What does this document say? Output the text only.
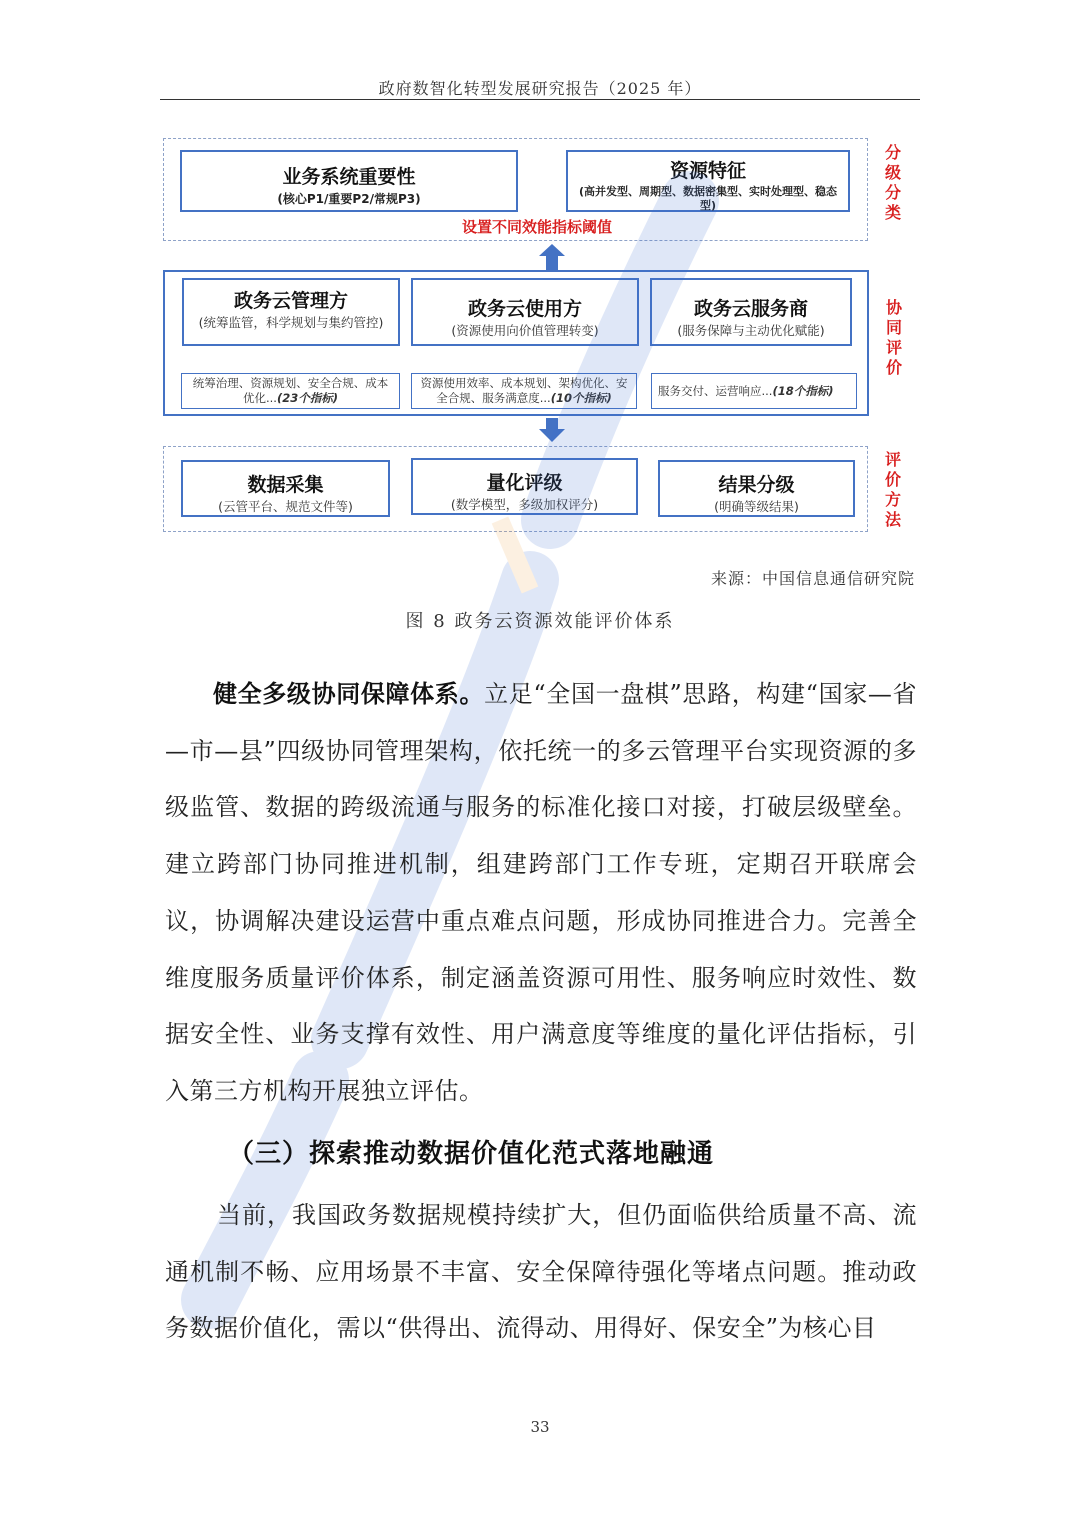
政府数智化转型发展研究报告（2025 年）
业务系统重要性
(核心P1/重要P2/常规P3)
资源特征
(高并发型、周期型、数据密集型、实时处理型、稳态型)
设置不同效能指标阈值
分级分类
政务云管理方
(统筹监管，科学规划与集约管控)
政务云使用方
(资源使用向价值管理转变)
政务云服务商
(服务保障与主动优化赋能)
统筹治理、资源规划、安全合规、成本优化...(23个指标)
资源使用效率、成本规划、架构优化、安全合规、服务满意度...(10个指标)
服务交付、运营响应...(18个指标)
协同评价
数据采集
(云管平台、规范文件等)
量化评级
(数学模型，多级加权评分)
结果分级
(明确等级结果)
评价方法
来源：中国信息通信研究院
图 8 政务云资源效能评价体系
健全多级协同保障体系。立足“全国一盘棋”思路，构建“国家—省—市—县”四级协同管理架构，依托统一的多云管理平台实现资源的多级监管、数据的跨级流通与服务的标准化接口对接，打破层级壁垒。建立跨部门协同推进机制，组建跨部门工作专班，定期召开联席会议，协调解决建设运营中重点难点问题，形成协同推进合力。完善全维度服务质量评价体系，制定涵盖资源可用性、服务响应时效性、数据安全性、业务支撑有效性、用户满意度等维度的量化评估指标，引入第三方机构开展独立评估。
（三）探索推动数据价值化范式落地融通
当前，我国政务数据规模持续扩大，但仍面临供给质量不高、流通机制不畅、应用场景不丰富、安全保障待强化等堵点问题。推动政务数据价值化，需以“供得出、流得动、用得好、保安全”为核心目
33
